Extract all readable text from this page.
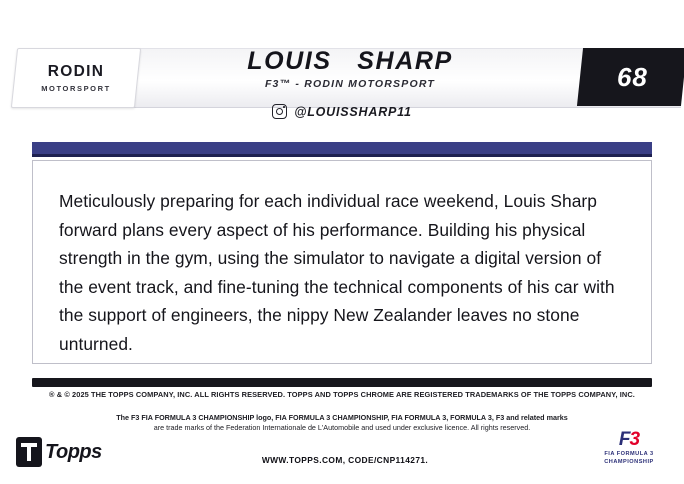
RODIN
MOTORSPORT
LOUIS SHARP
F3™ - RODIN MOTORSPORT	68
@LOUISSHARP11
Meticulously preparing for each individual race weekend, Louis Sharp forward plans every aspect of his performance. Building his physical strength in the gym, using the simulator to navigate a digital version of the event track, and fine-tuning the technical components of his car with the support of engineers, the nippy New Zealander leaves no stone unturned.
® & © 2025 THE TOPPS COMPANY, INC. ALL RIGHTS RESERVED. TOPPS AND TOPPS CHROME ARE REGISTERED TRADEMARKS OF THE TOPPS COMPANY, INC.
The F3 FIA FORMULA 3 CHAMPIONSHIP logo, FIA FORMULA 3 CHAMPIONSHIP, FIA FORMULA 3, FORMULA 3, F3 and related marks
are trade marks of the Federation Internationale de L'Automobile and used under exclusive licence. All rights reserved.
WWW.TOPPS.COM, CODE/CNP114271.
Topps
F3
FIA FORMULA 3
CHAMPIONSHIP
